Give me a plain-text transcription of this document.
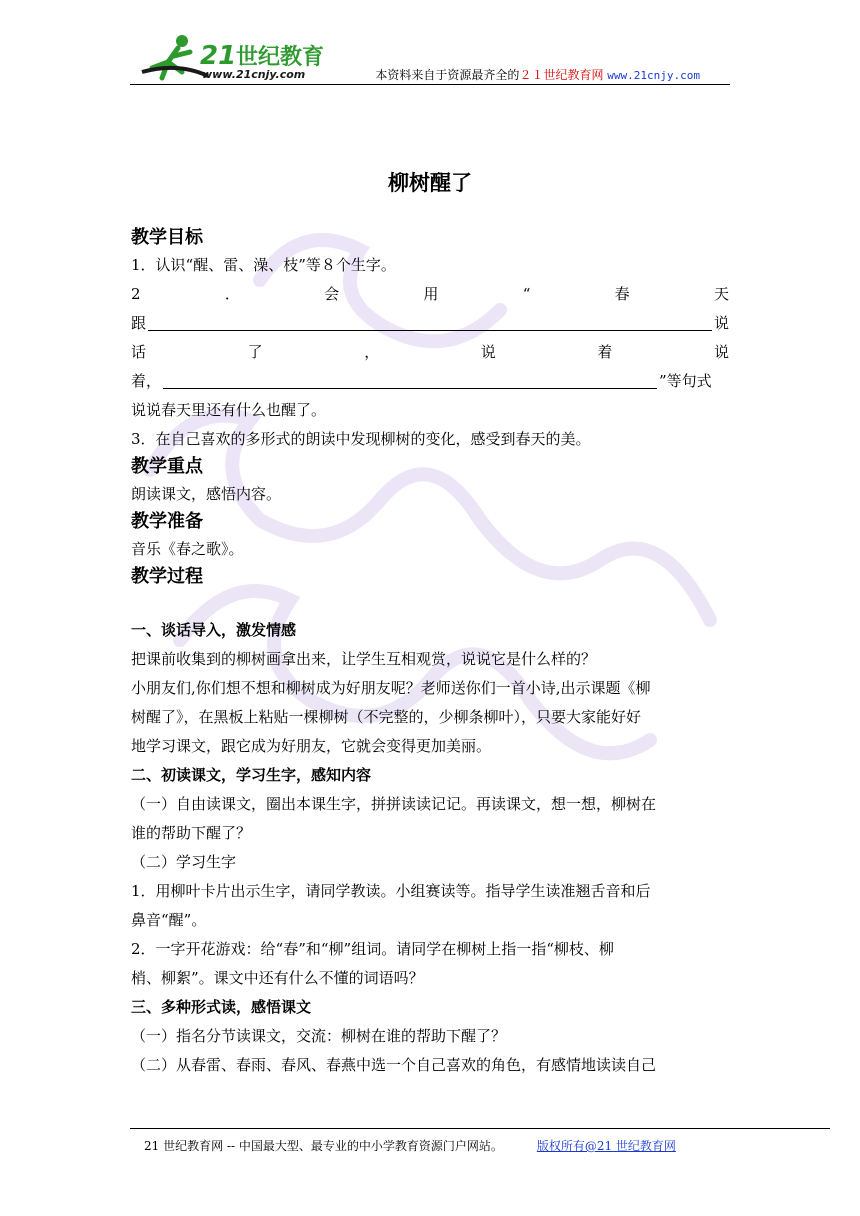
21 世纪教育
www.21cnjy.com	本资料来自于资源最齐全的２１世纪教育网 www.21cnjy.com
柳树醒了

教学目标

1．认识“醒、雷、澡、枝”等８个生字。

2	．	会	用	“	春	天
跟	说
话	了	，	说	着	说
着，	”等句式

说说春天里还有什么也醒了。

3．在自己喜欢的多形式的朗读中发现柳树的变化，感受到春天的美。

教学重点

朗读课文，感悟内容。

教学准备

音乐《春之歌》。

教学过程

一、谈话导入，激发情感

把课前收集到的柳树画拿出来，让学生互相观赏，说说它是什么样的？

小朋友们,你们想不想和柳树成为好朋友呢？老师送你们一首小诗,出示课题《柳

树醒了》，在黑板上粘贴一棵柳树（不完整的，少柳条柳叶），只要大家能好好

地学习课文，跟它成为好朋友，它就会变得更加美丽。

二、初读课文，学习生字，感知内容

（一）自由读课文，圈出本课生字，拼拼读读记记。再读课文，想一想，柳树在

谁的帮助下醒了？

（二）学习生字

1．用柳叶卡片出示生字，请同学教读。小组赛读等。指导学生读准翘舌音和后

鼻音“醒”。

2．一字开花游戏：给“春”和“柳”组词。请同学在柳树上指一指“柳枝、柳

梢、柳絮”。课文中还有什么不懂的词语吗？

三、多种形式读，感悟课文

（一）指名分节读课文，交流：柳树在谁的帮助下醒了？

（二）从春雷、春雨、春风、春燕中选一个自己喜欢的角色，有感情地读读自己

21 世纪教育网 -- 中国最大型、最专业的中小学教育资源门户网站。	版权所有@21 世纪教育网
